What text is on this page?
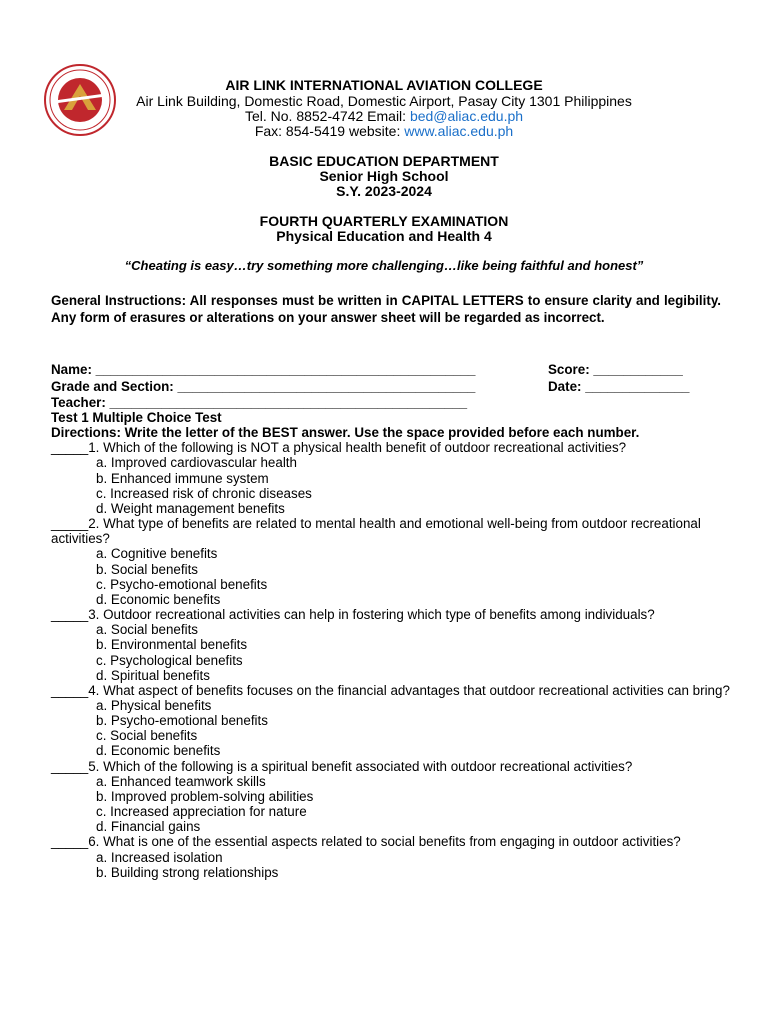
AIR LINK INTERNATIONAL AVIATION COLLEGE
Air Link Building, Domestic Road, Domestic Airport, Pasay City 1301 Philippines
Tel. No. 8852-4742 Email: bed@aliac.edu.ph
Fax: 854-5419 website: www.aliac.edu.ph
BASIC EDUCATION DEPARTMENT
Senior High School
S.Y. 2023-2024
FOURTH QUARTERLY EXAMINATION
Physical Education and Health 4
“Cheating is easy…try something more challenging…like being faithful and honest”
General Instructions: All responses must be written in CAPITAL LETTERS to ensure clarity and legibility. Any form of erasures or alterations on your answer sheet will be regarded as incorrect.
Name: ___________________________________________________	Score: ____________
Grade and Section: ________________________________________	Date: ______________
Teacher: ________________________________________________
Test 1 Multiple Choice Test
Directions: Write the letter of the BEST answer. Use the space provided before each number.
_____1. Which of the following is NOT a physical health benefit of outdoor recreational activities?
a. Improved cardiovascular health
b. Enhanced immune system
c. Increased risk of chronic diseases
d. Weight management benefits
_____2. What type of benefits are related to mental health and emotional well-being from outdoor recreational activities?
a. Cognitive benefits
b. Social benefits
c. Psycho-emotional benefits
d. Economic benefits
_____3. Outdoor recreational activities can help in fostering which type of benefits among individuals?
a. Social benefits
b. Environmental benefits
c. Psychological benefits
d. Spiritual benefits
_____4. What aspect of benefits focuses on the financial advantages that outdoor recreational activities can bring?
a. Physical benefits
b. Psycho-emotional benefits
c. Social benefits
d. Economic benefits
_____5. Which of the following is a spiritual benefit associated with outdoor recreational activities?
a. Enhanced teamwork skills
b. Improved problem-solving abilities
c. Increased appreciation for nature
d. Financial gains
_____6. What is one of the essential aspects related to social benefits from engaging in outdoor activities?
a. Increased isolation
b. Building strong relationships
